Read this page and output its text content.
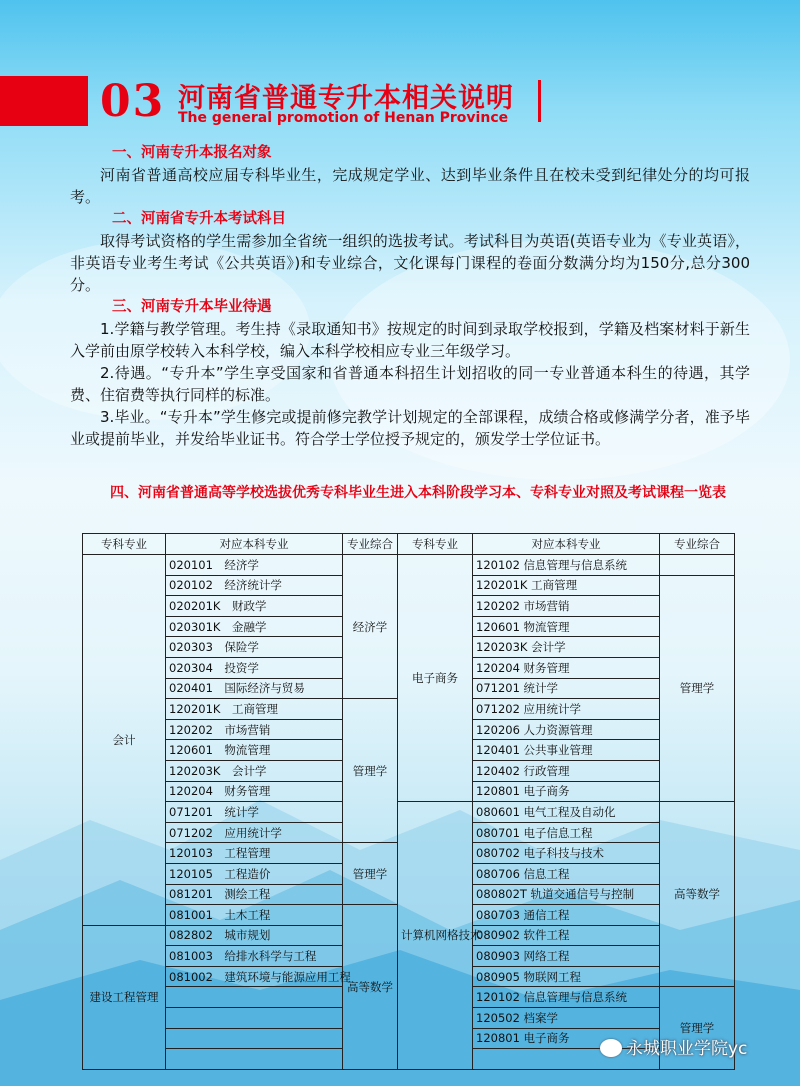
03 河南省普通专升本相关说明
The general promotion of Henan Province
一、河南专升本报名对象
河南省普通高校应届专科毕业生，完成规定学业、达到毕业条件且在校未受到纪律处分的均可报考。
二、河南省专升本考试科目
取得考试资格的学生需参加全省统一组织的选拔考试。考试科目为英语(英语专业为《专业英语》，非英语专业考生考试《公共英语》)和专业综合，文化课每门课程的卷面分数满分均为150分,总分300分。
三、河南专升本毕业待遇
1.学籍与教学管理。考生持《录取通知书》按规定的时间到录取学校报到，学籍及档案材料于新生入学前由原学校转入本科学校，编入本科学校相应专业三年级学习。
2.待遇。“专升本”学生享受国家和省普通本科招生计划招收的同一专业普通本科生的待遇，其学费、住宿费等执行同样的标准。
3.毕业。“专升本”学生修完或提前修完教学计划规定的全部课程，成绩合格或修满学分者，准予毕业或提前毕业，并发给毕业证书。符合学士学位授予规定的，颁发学士学位证书。
四、河南省普通高等学校选拔优秀专科毕业生进入本科阶段学习本、专科专业对照及考试课程一览表
专科专业	对应本科专业	专业综合	专科专业	对应本科专业	专业综合
会计	020101　经济学	经济学	电子商务	120102 信息管理与信息系统	
	020102　经济统计学			120201K 工商管理	管理学
	020201K　财政学			120202 市场营销	
	020301K　金融学			120601 物流管理	
	020303　保险学			120203K 会计学	
	020304　投资学			120204 财务管理	
	020401　国际经济与贸易			071201 统计学	
	120201K　工商管理	管理学		071202 应用统计学	
	120202　市场营销			120206 人力资源管理	
	120601　物流管理			120401 公共事业管理	
	120203K　会计学			120402 行政管理	
	120204　财务管理			120801 电子商务	
	071201　统计学		计算机网格技术	080601 电气工程及自动化	高等数学
	071202　应用统计学			080701 电子信息工程	
	120103　工程管理	管理学		080702 电子科技与技术	
	120105　工程造价			080706 信息工程	
	081201　测绘工程			080802T 轨道交通信号与控制	
	081001　土木工程	高等数学		080703 通信工程	
建设工程管理	082802　城市规划			080902 软件工程	
	081003　给排水科学与工程			080903 网络工程	
	081002　建筑环境与能源应用工程			080905 物联网工程	
				120102 信息管理与信息系统	管理学
				120502 档案学	
				120801 电子商务	

永城职业学院yc
